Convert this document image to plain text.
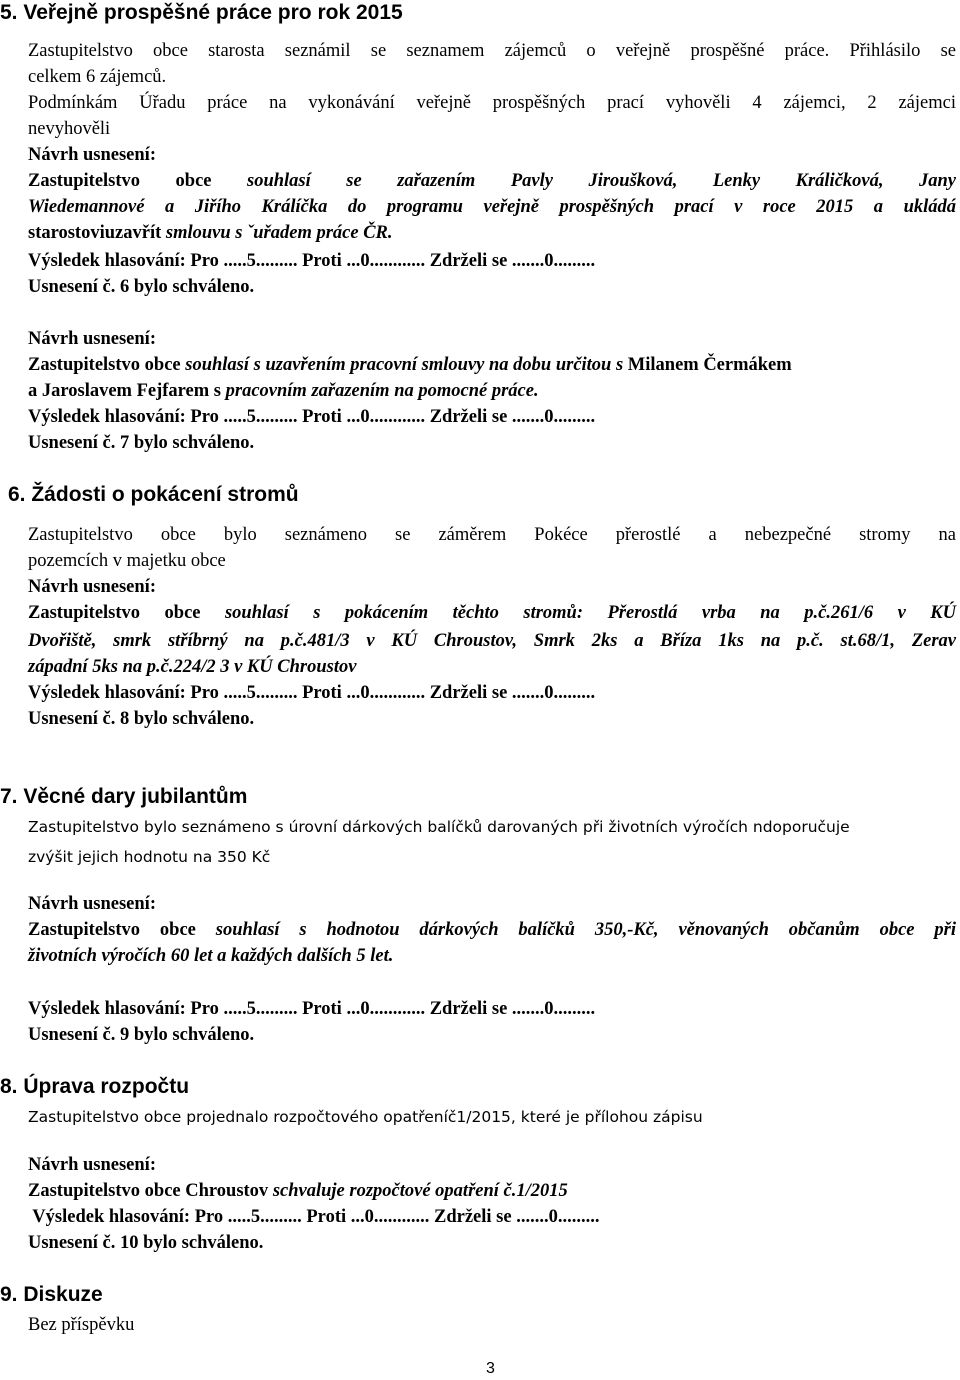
5. Veřejně prospěšné práce pro rok 2015
Zastupitelstvo obce starosta seznámil se seznamem zájemců o veřejně prospěšné práce. Přihlásilo se
celkem 6 zájemců.
Podmínkám Úřadu práce na vykonávání veřejně prospěšných prací vyhověli 4 zájemci, 2 zájemci
nevyhověli
Návrh usnesení:
Zastupitelstvo obce souhlasí se zařazením Pavly Jiroušková, Lenky Králičková, Jany
Wiedemannové a Jiřího Králíčka do programu veřejně prospěšných prací v roce 2015 a ukládá
starostoviuzavřít smlouvu s ˇuřadem práce ČR.
Výsledek hlasování: Pro .....5......... Proti ...0............ Zdrželi se .......0.........
Usnesení č. 6 bylo schváleno.
Návrh usnesení:
Zastupitelstvo obce souhlasí s uzavřením pracovní smlouvy na dobu určitou s Milanem Čermákem
a Jaroslavem Fejfarem s pracovním zařazením na pomocné práce.
Výsledek hlasování: Pro .....5......... Proti ...0............ Zdrželi se .......0.........
Usnesení č. 7 bylo schváleno.
6. Žádosti o pokácení stromů
Zastupitelstvo obce bylo seznámeno se záměrem Pokéce přerostlé a nebezpečné stromy na
pozemcích v majetku obce
Návrh usnesení:
Zastupitelstvo obce souhlasí s pokácením těchto stromů: Přerostlá vrba na p.č.261/6 v KÚ
Dvořiště, smrk stříbrný na p.č.481/3 v KÚ Chroustov, Smrk 2ks a Bříza 1ks na p.č. st.68/1, Zerav
západní 5ks na p.č.224/2 3 v KÚ Chroustov
Výsledek hlasování: Pro .....5......... Proti ...0............ Zdrželi se .......0.........
Usnesení č. 8 bylo schváleno.
7. Věcné dary jubilantům
Zastupitelstvo bylo seznámeno s úrovní dárkových balíčků darovaných při životních výročích ndoporučuje
zvýšit jejich hodnotu na 350 Kč
Návrh usnesení:
Zastupitelstvo obce souhlasí s hodnotou dárkových balíčků 350,-Kč, věnovaných občanům obce při
životních výročích 60 let a každých dalších 5 let.
Výsledek hlasování: Pro .....5......... Proti ...0............ Zdrželi se .......0.........
Usnesení č. 9 bylo schváleno.
8. Úprava rozpočtu
Zastupitelstvo obce projednalo rozpočtového opatřeníč1/2015, které je přílohou zápisu
Návrh usnesení:
Zastupitelstvo obce Chroustov schvaluje rozpočtové opatření č.1/2015
Výsledek hlasování: Pro .....5......... Proti ...0............ Zdrželi se .......0.........
Usnesení č. 10 bylo schváleno.
9. Diskuze
Bez příspěvku
3
